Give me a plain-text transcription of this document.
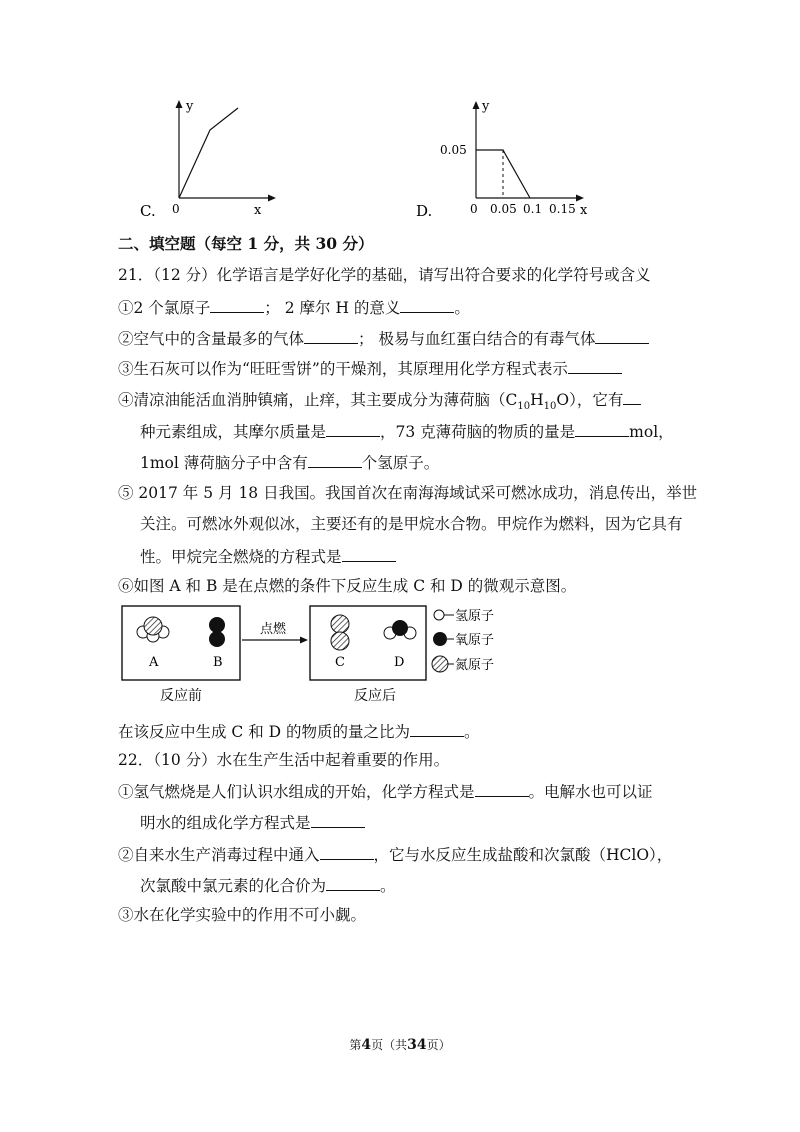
C.
y
x
0	D.
y
x
0.05
0 0.05 0.1 0.15
二、填空题（每空 1 分，共 30 分）
21．（12 分）化学语言是学好化学的基础，请写出符合要求的化学符号或含义
①2 个氯原子	； 2 摩尔 H 的意义	。
②空气中的含量最多的气体	； 极易与血红蛋白结合的有毒气体
③生石灰可以作为“旺旺雪饼”的干燥剂，其原理用化学方程式表示
④清凉油能活血消肿镇痛，止痒，其主要成分为薄荷脑$(C_{10}H_{10}O)$，它有
种元素组成，其摩尔质量是	，73 克薄荷脑的物质的量是	mol，
1mol 薄荷脑分子中含有	个氢原子。
⑤ 2017 年 5 月 18 日我国。我国首次在南海海域试采可燃冰成功，消息传出，举世
关注。可燃冰外观似冰，主要还有的是甲烷水合物。甲烷作为燃料，因为它具有
性。甲烷完全燃烧的方程式是
⑥如图 A 和 B 是在点燃的条件下反应生成 C 和 D 的微观示意图。
A	B
反应前
点燃
C	D
反应后
氢原子
氧原子
氮原子
在该反应中生成 C 和 D 的物质的量之比为	。
22．（10 分）水在生产生活中起着重要的作用。
①氢气燃烧是人们认识水组成的开始，化学方程式是	。电解水也可以证
明水的组成化学方程式是
②自来水生产消毒过程中通入	，它与水反应生成盐酸和次氯酸（HClO），
次氯酸中氯元素的化合价为	。
③水在化学实验中的作用不可小觑。
第4页（共34页）
